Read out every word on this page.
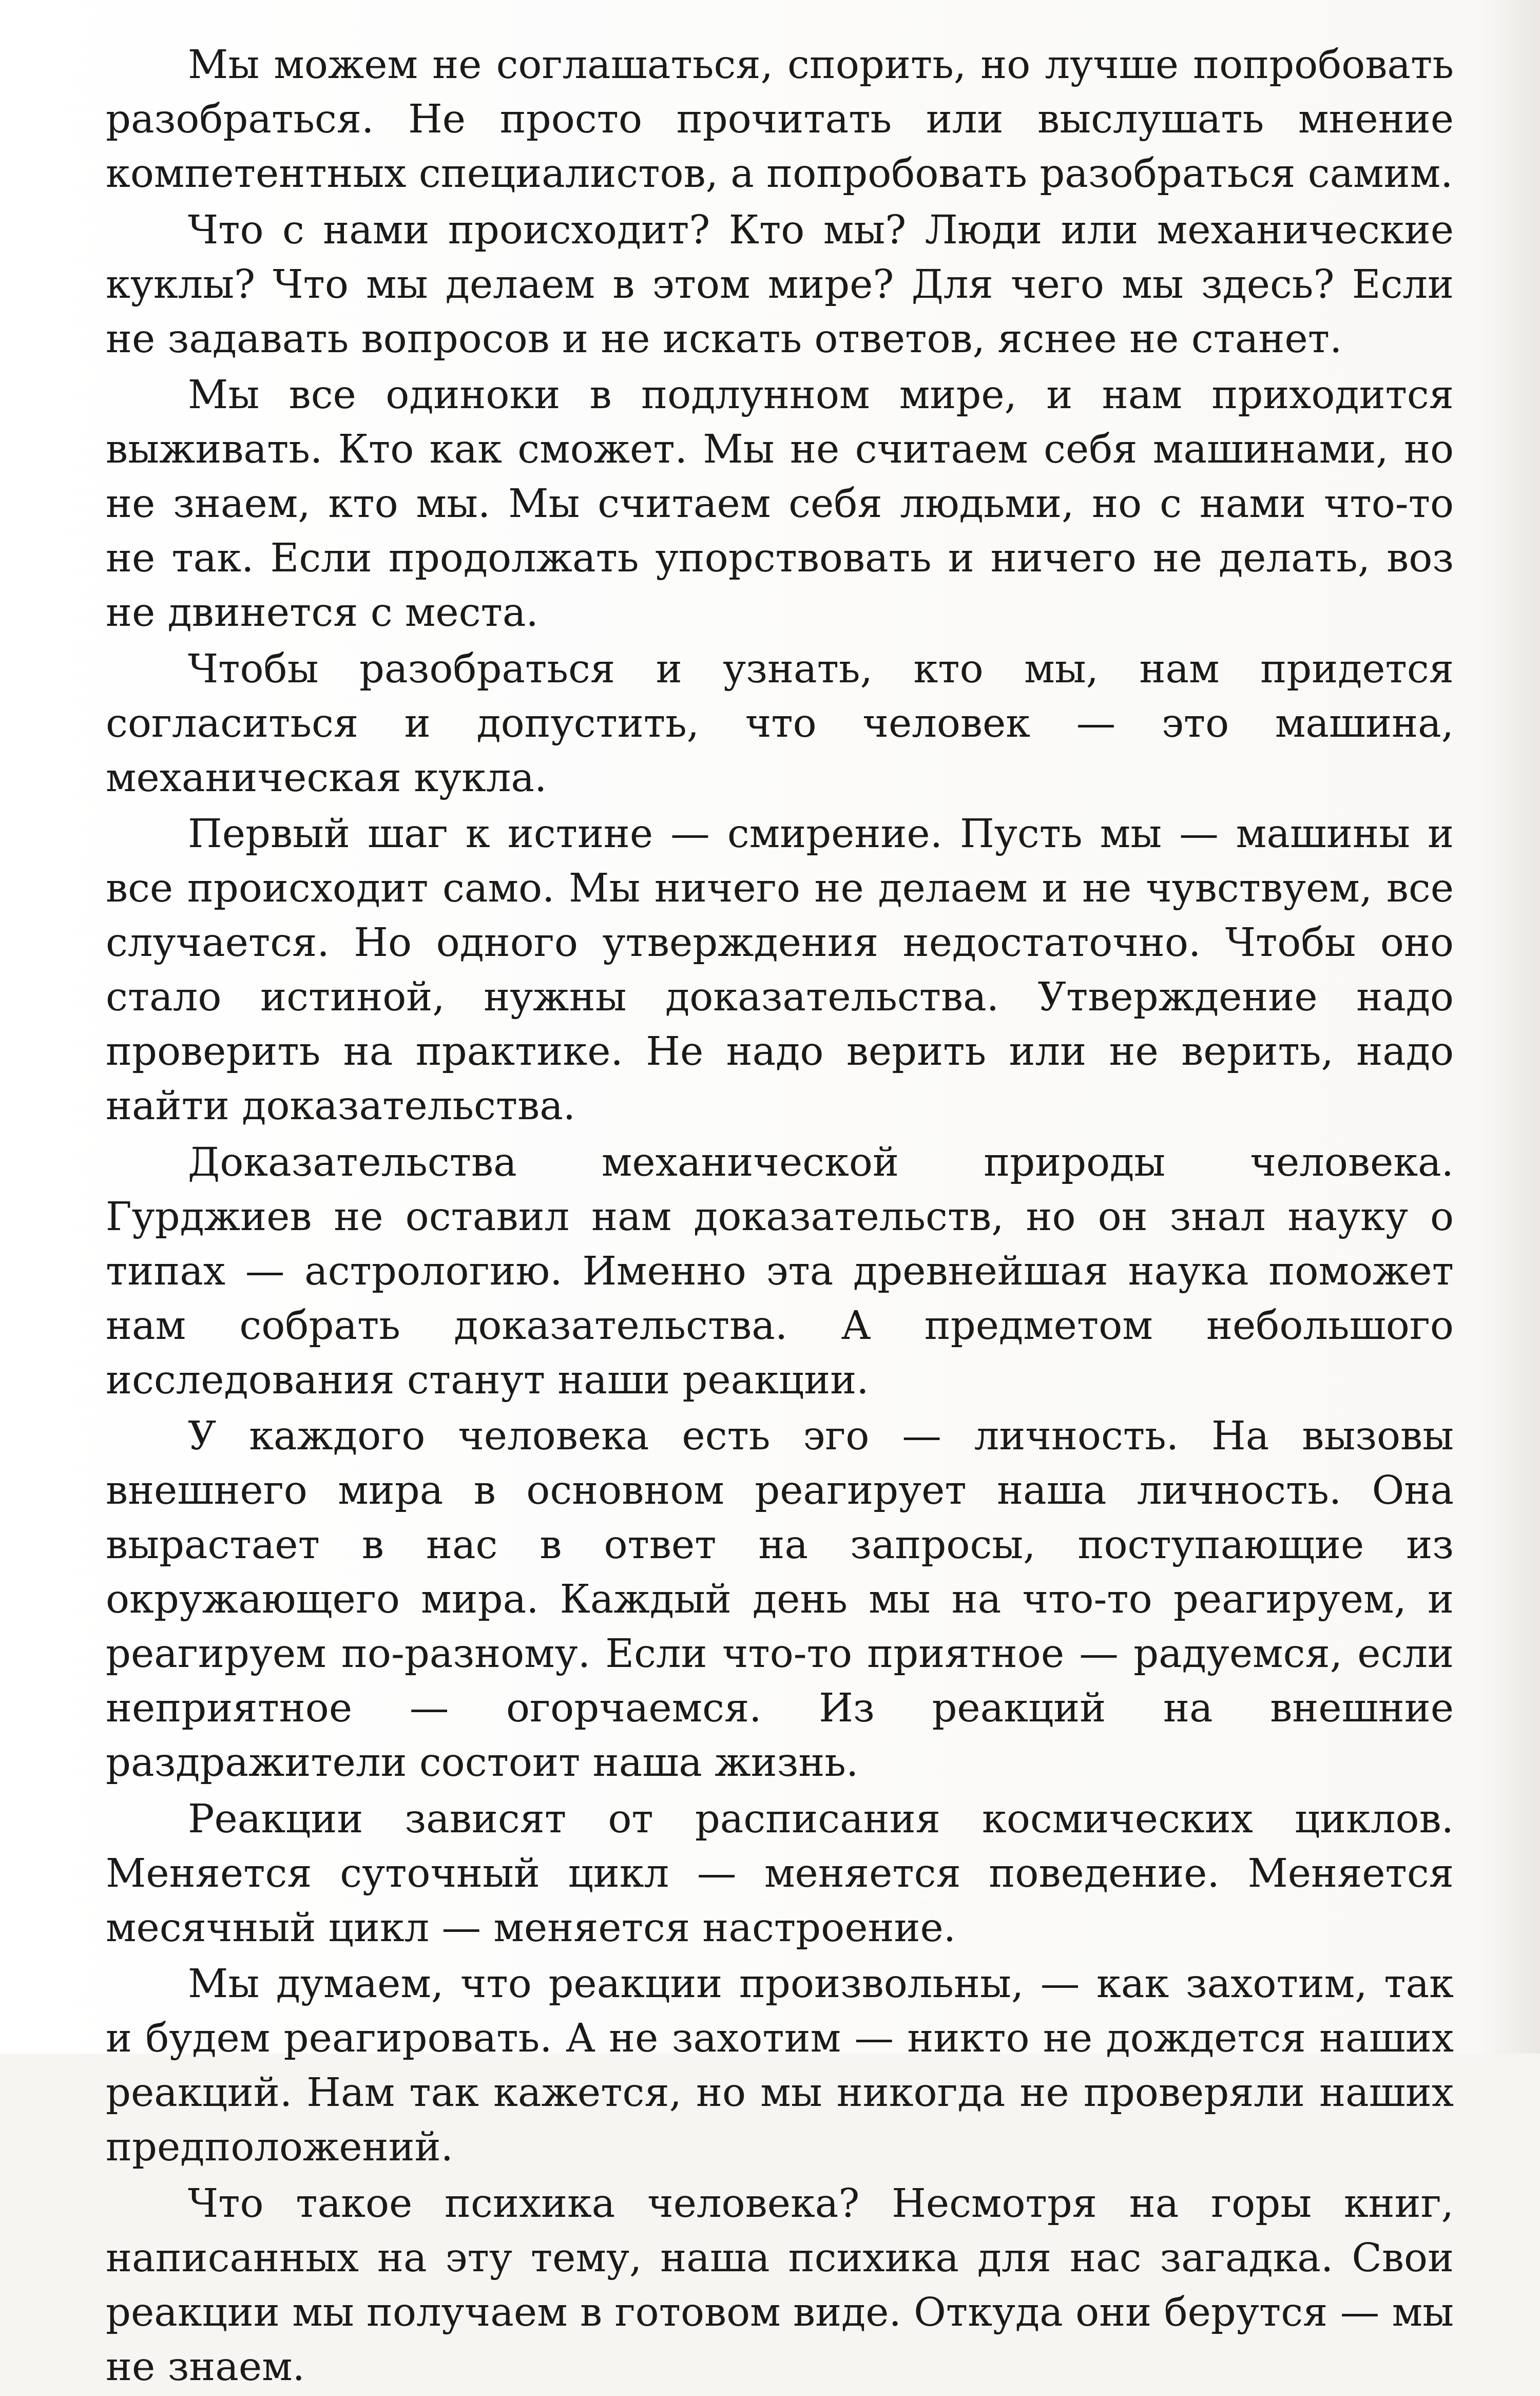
Мы можем не соглашаться, спорить, но лучше попробовать разобраться. Не просто прочитать или выслушать мнение компетентных специалистов, а попробовать разобраться самим.

Что с нами происходит? Кто мы? Люди или механические куклы? Что мы делаем в этом мире? Для чего мы здесь? Если не задавать вопросов и не искать ответов, яснее не станет.

Мы все одиноки в подлунном мире, и нам приходится выживать. Кто как сможет. Мы не считаем себя машинами, но не знаем, кто мы. Мы считаем себя людьми, но с нами что-то не так. Если продолжать упорствовать и ничего не делать, воз не двинется с места.

Чтобы разобраться и узнать, кто мы, нам придется согласиться и допустить, что человек — это машина, механическая кукла.

Первый шаг к истине — смирение. Пусть мы — машины и все происходит само. Мы ничего не делаем и не чувствуем, все случается. Но одного утверждения недостаточно. Чтобы оно стало истиной, нужны доказательства. Утверждение надо проверить на практике. Не надо верить или не верить, надо найти доказательства.

Доказательства механической природы человека. Гурджиев не оставил нам доказательств, но он знал науку о типах — астрологию. Именно эта древнейшая наука поможет нам собрать доказательства. А предметом небольшого исследования станут наши реакции.

У каждого человека есть эго — личность. На вызовы внешнего мира в основном реагирует наша личность. Она вырастает в нас в ответ на запросы, поступающие из окружающего мира. Каждый день мы на что-то реагируем, и реагируем по-разному. Если что-то приятное — радуемся, если неприятное — огорчаемся. Из реакций на внешние раздражители состоит наша жизнь.

Реакции зависят от расписания космических циклов. Меняется суточный цикл — меняется поведение. Меняется месячный цикл — меняется настроение.

Мы думаем, что реакции произвольны, — как захотим, так и будем реагировать. А не захотим — никто не дождется наших реакций. Нам так кажется, но мы никогда не проверяли наших предположений.

Что такое психика человека? Несмотря на горы книг, написанных на эту тему, наша психика для нас загадка. Свои реакции мы получаем в готовом виде. Откуда они берутся — мы не знаем.
